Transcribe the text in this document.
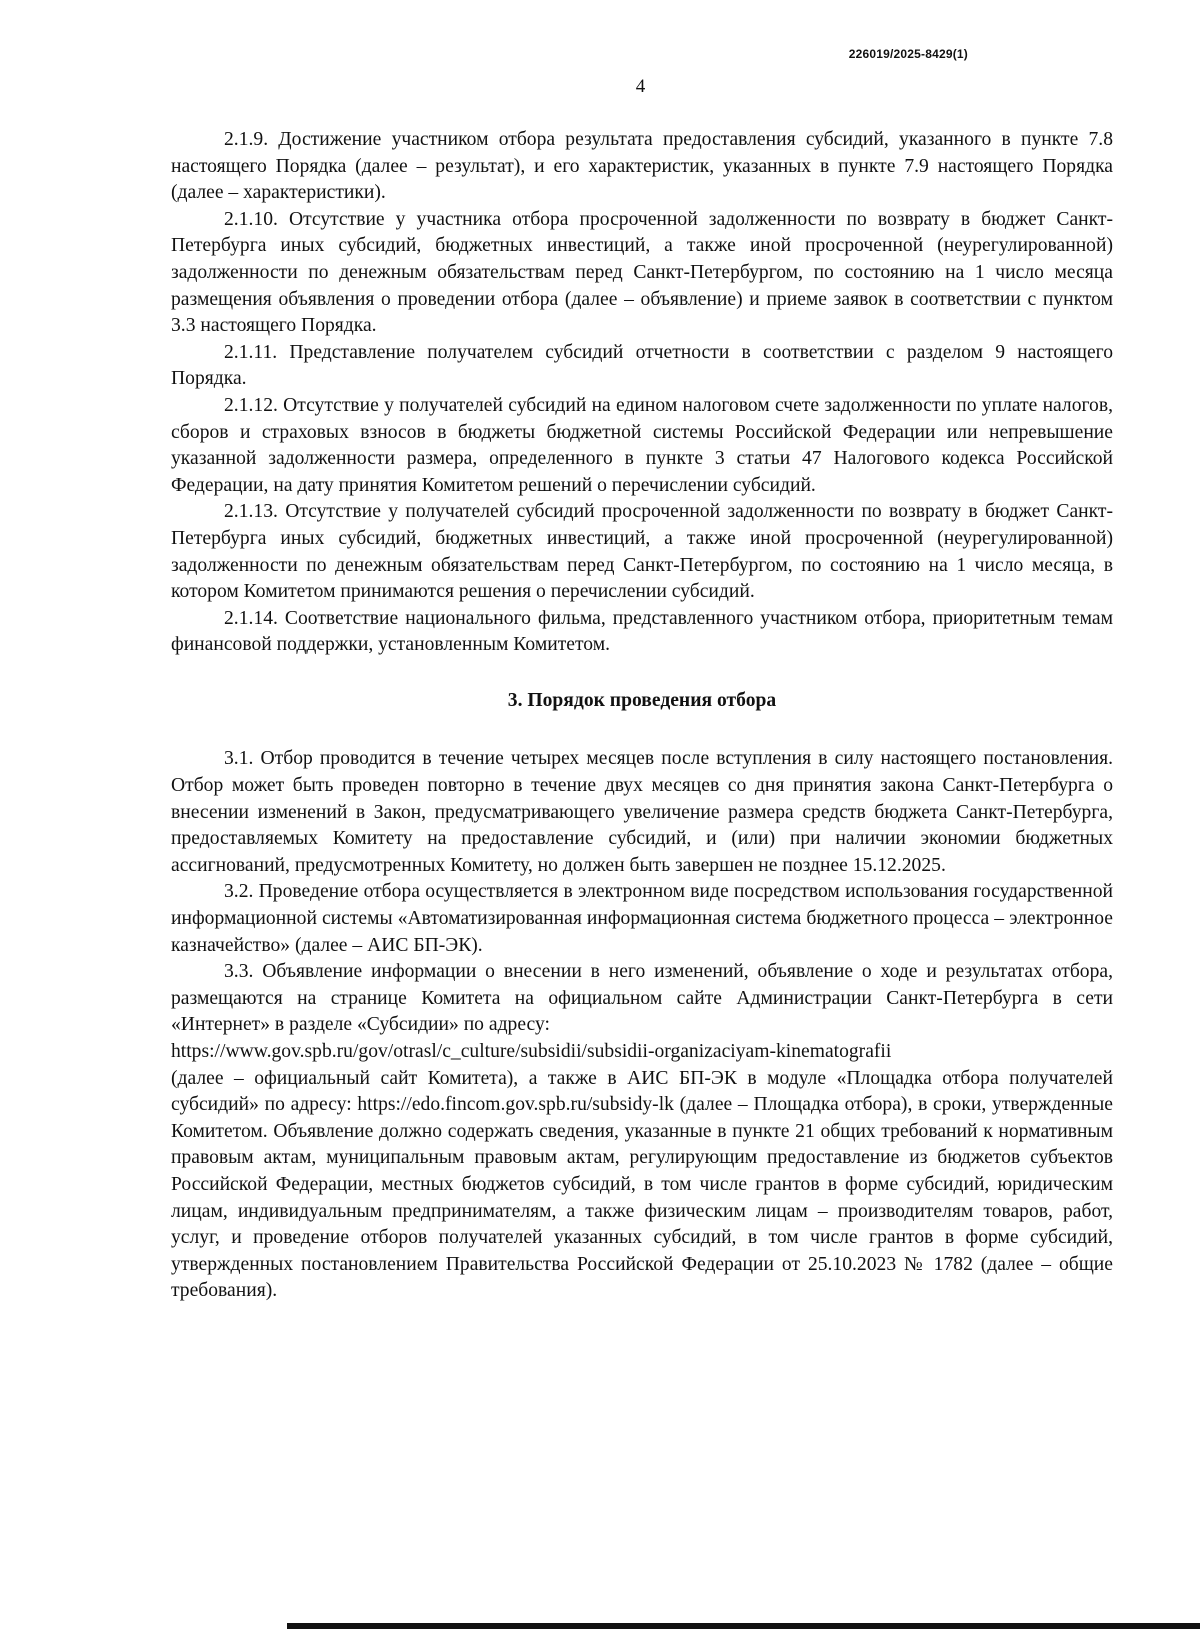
226019/2025-8429(1)
4

2.1.9. Достижение участником отбора результата предоставления субсидий, указанного в пункте 7.8 настоящего Порядка (далее – результат), и его характеристик, указанных в пункте 7.9 настоящего Порядка (далее – характеристики).

2.1.10. Отсутствие у участника отбора просроченной задолженности по возврату в бюджет Санкт-Петербурга иных субсидий, бюджетных инвестиций, а также иной просроченной (неурегулированной) задолженности по денежным обязательствам перед Санкт-Петербургом, по состоянию на 1 число месяца размещения объявления о проведении отбора (далее – объявление) и приеме заявок в соответствии с пунктом 3.3 настоящего Порядка.

2.1.11. Представление получателем субсидий отчетности в соответствии с разделом 9 настоящего Порядка.

2.1.12. Отсутствие у получателей субсидий на едином налоговом счете задолженности по уплате налогов, сборов и страховых взносов в бюджеты бюджетной системы Российской Федерации или непревышение указанной задолженности размера, определенного в пункте 3 статьи 47 Налогового кодекса Российской Федерации, на дату принятия Комитетом решений о перечислении субсидий.

2.1.13. Отсутствие у получателей субсидий просроченной задолженности по возврату в бюджет Санкт-Петербурга иных субсидий, бюджетных инвестиций, а также иной просроченной (неурегулированной) задолженности по денежным обязательствам перед Санкт-Петербургом, по состоянию на 1 число месяца, в котором Комитетом принимаются решения о перечислении субсидий.

2.1.14. Соответствие национального фильма, представленного участником отбора, приоритетным темам финансовой поддержки, установленным Комитетом.

3. Порядок проведения отбора

3.1. Отбор проводится в течение четырех месяцев после вступления в силу настоящего постановления. Отбор может быть проведен повторно в течение двух месяцев со дня принятия закона Санкт-Петербурга о внесении изменений в Закон, предусматривающего увеличение размера средств бюджета Санкт-Петербурга, предоставляемых Комитету на предоставление субсидий, и (или) при наличии экономии бюджетных ассигнований, предусмотренных Комитету, но должен быть завершен не позднее 15.12.2025.

3.2. Проведение отбора осуществляется в электронном виде посредством использования государственной информационной системы «Автоматизированная информационная система бюджетного процесса – электронное казначейство» (далее – АИС БП-ЭК).

3.3. Объявление информации о внесении в него изменений, объявление о ходе и результатах отбора, размещаются на странице Комитета на официальном сайте Администрации Санкт-Петербурга в сети «Интернет» в разделе «Субсидии» по адресу:

https://www.gov.spb.ru/gov/otrasl/c_culture/subsidii/subsidii-organizaciyam-kinematografii

(далее – официальный сайт Комитета), а также в АИС БП-ЭК в модуле «Площадка отбора получателей субсидий» по адресу: https://edo.fincom.gov.spb.ru/subsidy-lk (далее – Площадка отбора), в сроки, утвержденные Комитетом. Объявление должно содержать сведения, указанные в пункте 21 общих требований к нормативным правовым актам, муниципальным правовым актам, регулирующим предоставление из бюджетов субъектов Российской Федерации, местных бюджетов субсидий, в том числе грантов в форме субсидий, юридическим лицам, индивидуальным предпринимателям, а также физическим лицам – производителям товаров, работ, услуг, и проведение отборов получателей указанных субсидий, в том числе грантов в форме субсидий, утвержденных постановлением Правительства Российской Федерации от 25.10.2023 № 1782 (далее – общие требования).
